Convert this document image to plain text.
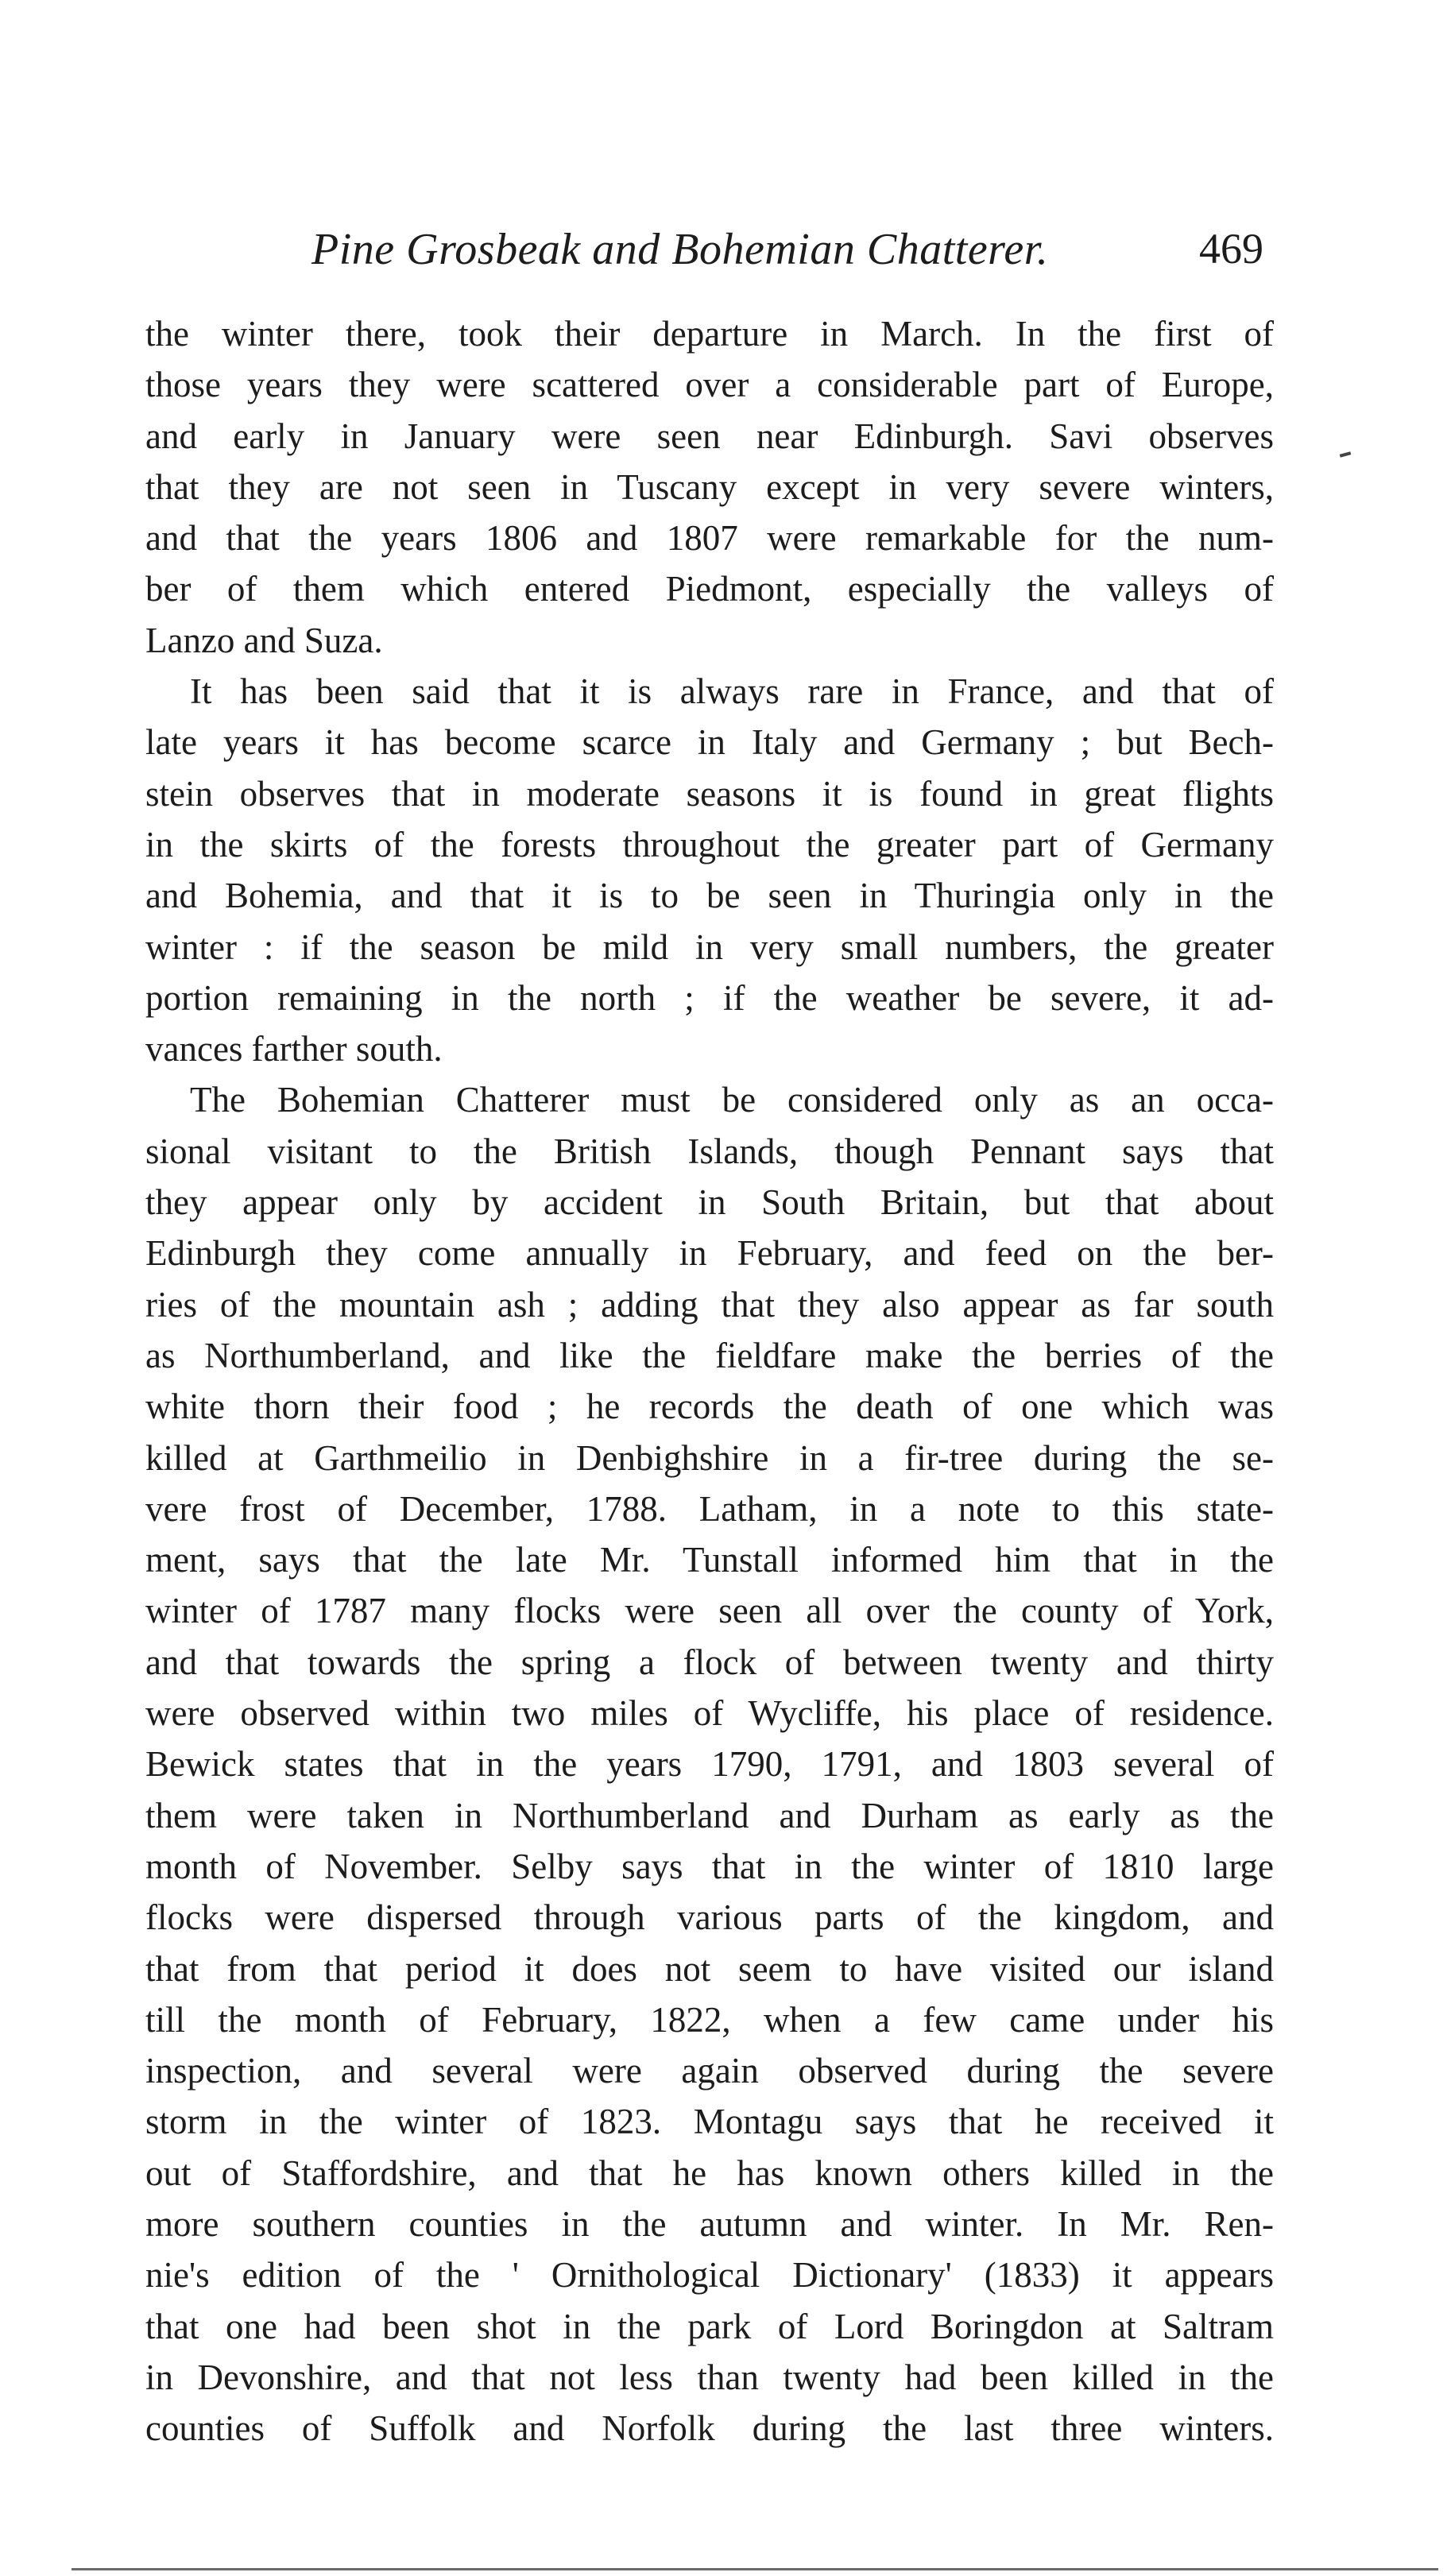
Pine Grosbeak and Bohemian Chatterer.	469
the winter there, took their departure in March. In the first of
those years they were scattered over a considerable part of Europe,
and early in January were seen near Edinburgh. Savi observes
that they are not seen in Tuscany except in very severe winters,
and that the years 1806 and 1807 were remarkable for the num-
ber of them which entered Piedmont, especially the valleys of
Lanzo and Suza.
It has been said that it is always rare in France, and that of
late years it has become scarce in Italy and Germany ; but Bech-
stein observes that in moderate seasons it is found in great flights
in the skirts of the forests throughout the greater part of Germany
and Bohemia, and that it is to be seen in Thuringia only in the
winter : if the season be mild in very small numbers, the greater
portion remaining in the north ; if the weather be severe, it ad-
vances farther south.
The Bohemian Chatterer must be considered only as an occa-
sional visitant to the British Islands, though Pennant says that
they appear only by accident in South Britain, but that about
Edinburgh they come annually in February, and feed on the ber-
ries of the mountain ash ; adding that they also appear as far south
as Northumberland, and like the fieldfare make the berries of the
white thorn their food ; he records the death of one which was
killed at Garthmeilio in Denbighshire in a fir-tree during the se-
vere frost of December, 1788. Latham, in a note to this state-
ment, says that the late Mr. Tunstall informed him that in the
winter of 1787 many flocks were seen all over the county of York,
and that towards the spring a flock of between twenty and thirty
were observed within two miles of Wycliffe, his place of residence.
Bewick states that in the years 1790, 1791, and 1803 several of
them were taken in Northumberland and Durham as early as the
month of November. Selby says that in the winter of 1810 large
flocks were dispersed through various parts of the kingdom, and
that from that period it does not seem to have visited our island
till the month of February, 1822, when a few came under his
inspection, and several were again observed during the severe
storm in the winter of 1823. Montagu says that he received it
out of Staffordshire, and that he has known others killed in the
more southern counties in the autumn and winter. In Mr. Ren-
nie's edition of the ' Ornithological Dictionary' (1833) it appears
that one had been shot in the park of Lord Boringdon at Saltram
in Devonshire, and that not less than twenty had been killed in the
counties of Suffolk and Norfolk during the last three winters.
